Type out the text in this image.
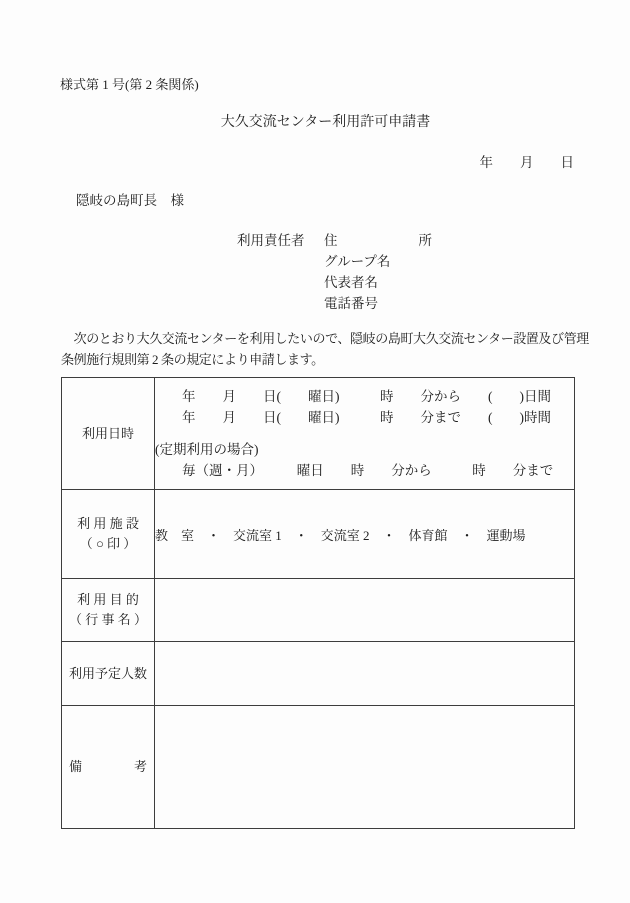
様式第 1 号(第 2 条関係)
大久交流センター利用許可申請書
年　　月　　日
隠岐の島町長　様
利用責任者 住　　　　　　所
グループ名
代表者名
電話番号
　次のとおり大久交流センターを利用したいので、隠岐の島町大久交流センター設置及び管理
条例施行規則第 2 条の規定により申請します。
利用日時	　　年　　月　　日(　　曜日)　　　時　　分から　　(　　)日間
　　年　　月　　日(　　曜日)　　　時　　分まで　　(　　)時間
(定期利用の場合)
　　毎（週・月）　　　曜日　　時　　分から　　　時　　分まで

利 用 施 設
（ ○ 印 ）	教　室　・　交流室 1　・　交流室 2　・　体育館　・　運動場

利 用 目 的
（ 行 事 名 ）	

利用予定人数	

備　　　　考	
